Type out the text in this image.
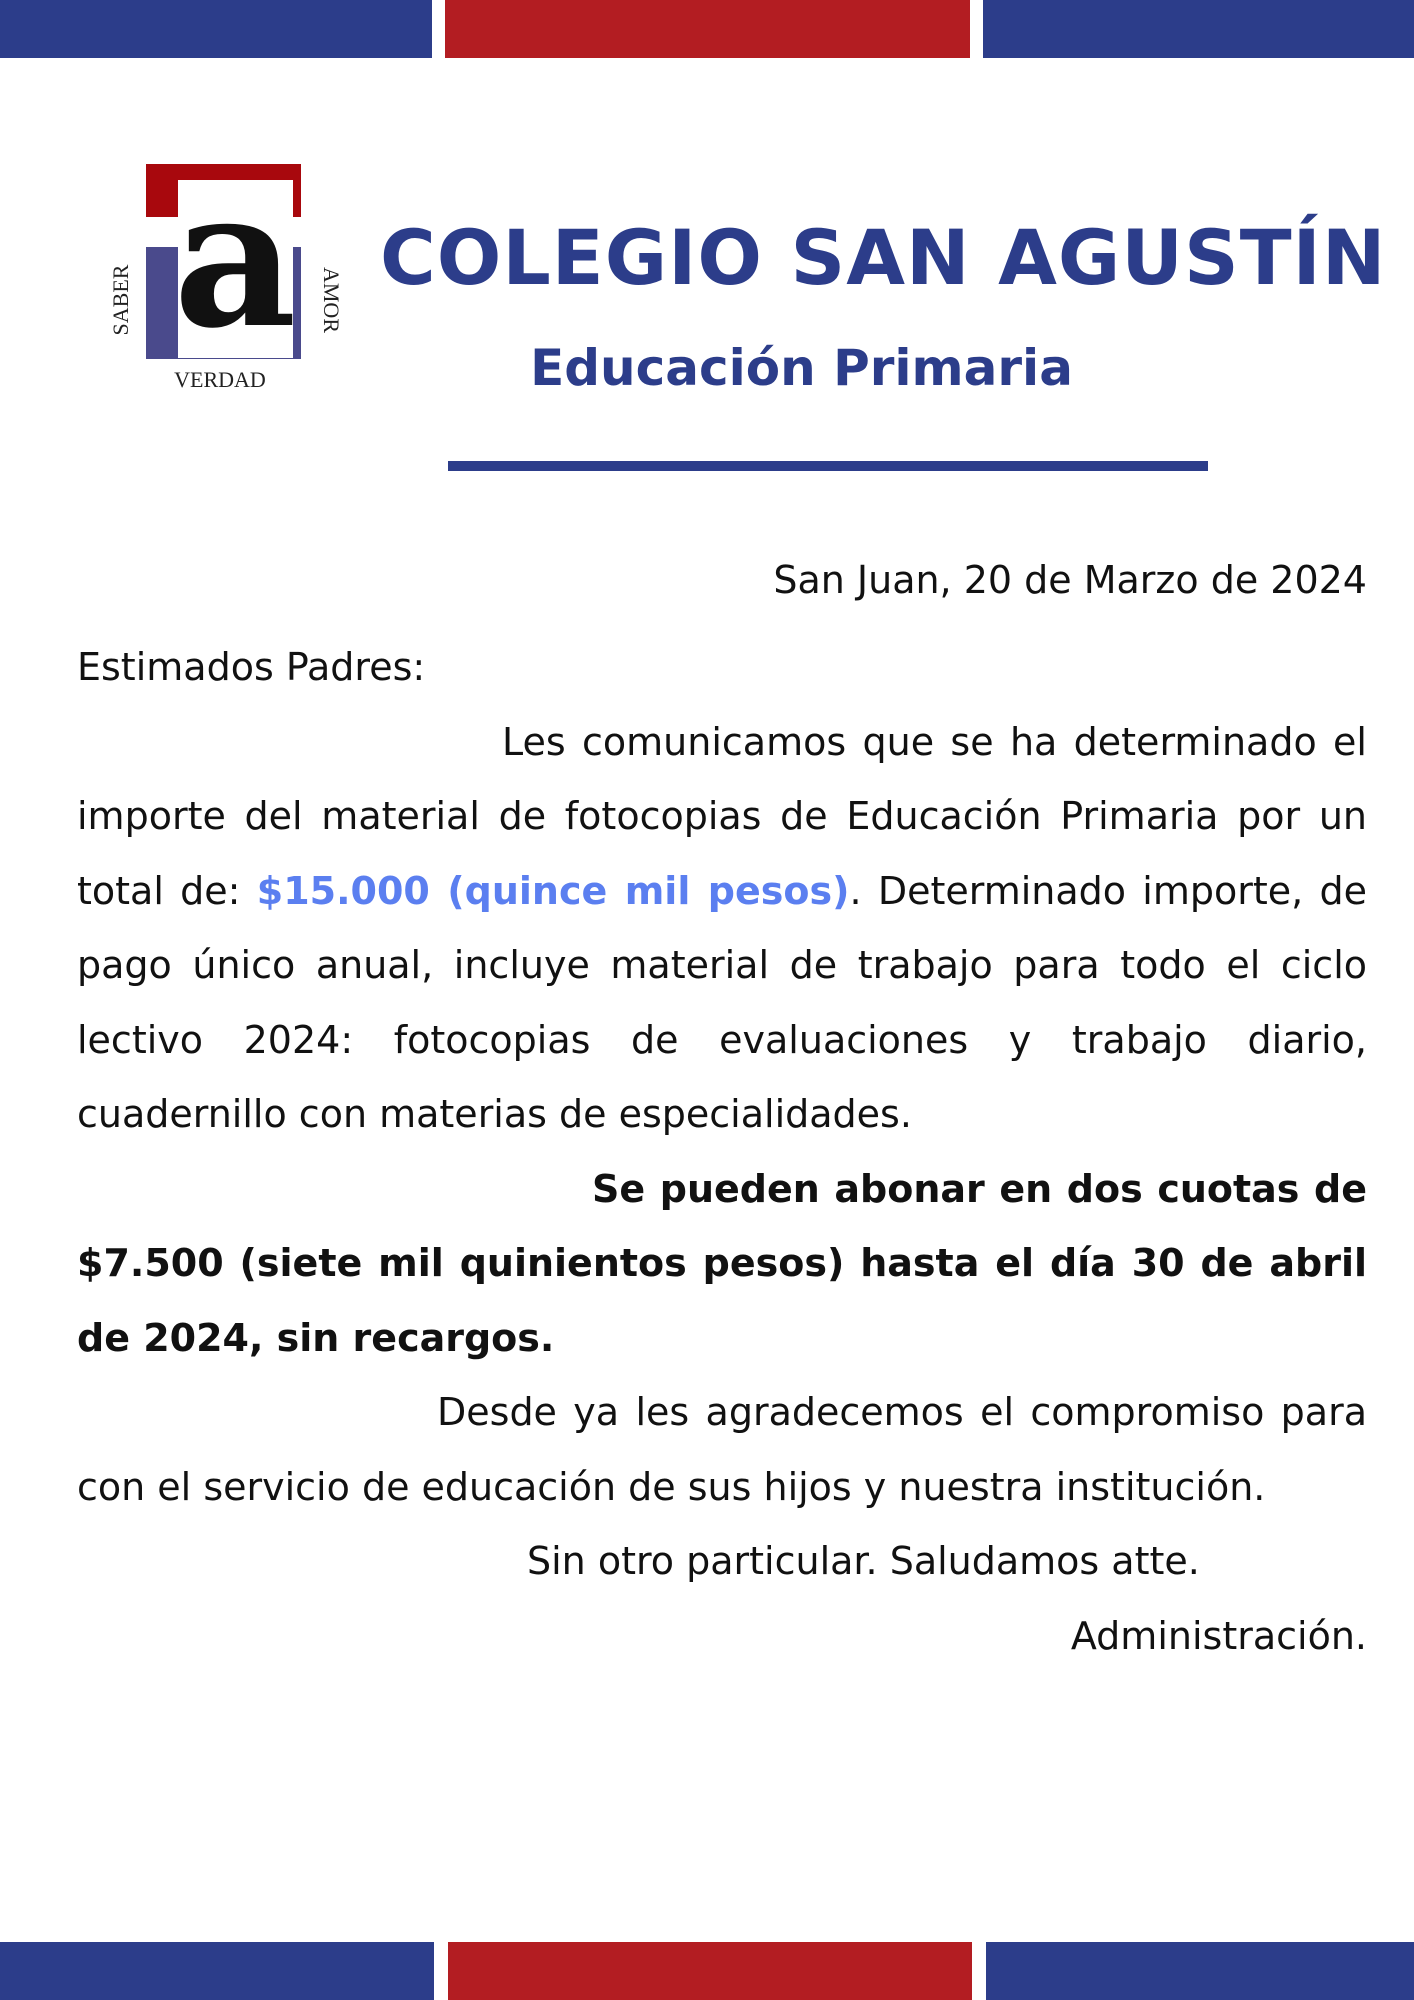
a
SABER	AMOR
VERDAD
COLEGIO SAN AGUSTÍN
Educación Primaria
San Juan, 20 de Marzo de 2024

Estimados Padres:

Les comunicamos que se ha determinado el importe del material de fotocopias de Educación Primaria por un total de: $15.000 (quince mil pesos). Determinado importe, de pago único anual, incluye material de trabajo para todo el ciclo lectivo 2024: fotocopias de evaluaciones y trabajo diario, cuadernillo con materias de especialidades.

Se pueden abonar en dos cuotas de $7.500 (siete mil quinientos pesos) hasta el día 30 de abril de 2024, sin recargos.

Desde ya les agradecemos el compromiso para con el servicio de educación de sus hijos y nuestra institución.

Sin otro particular. Saludamos atte.

Administración.
